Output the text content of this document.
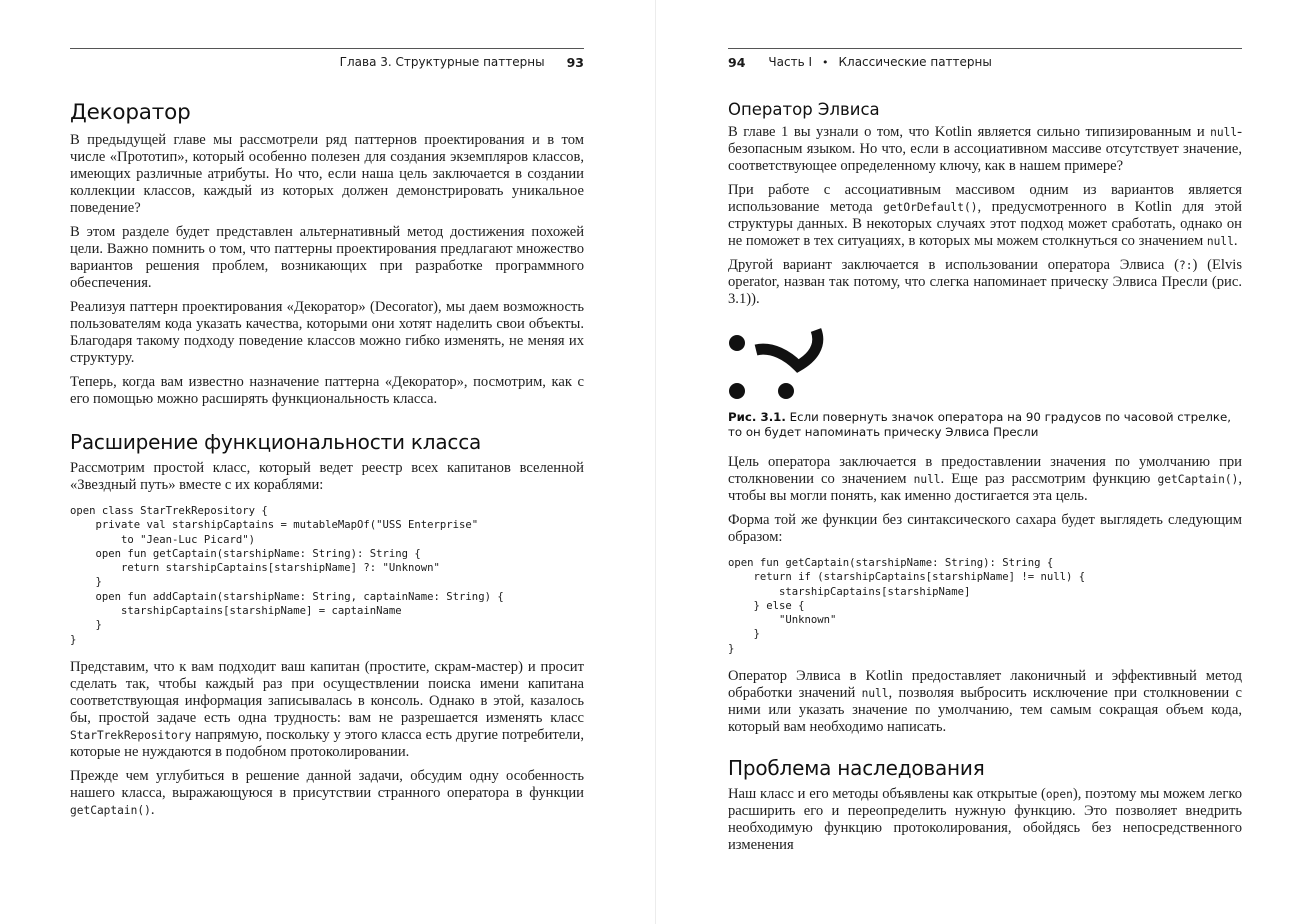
Глава 3. Структурные паттерны 93
Декоратор

В предыдущей главе мы рассмотрели ряд паттернов проектирования и в том числе «Прототип», который особенно полезен для создания экземпляров классов, имеющих различные атрибуты. Но что, если наша цель заключается в создании коллекции классов, каждый из которых должен демонстрировать уникальное поведение?

В этом разделе будет представлен альтернативный метод достижения похожей цели. Важно помнить о том, что паттерны проектирования предлагают множество вариантов решения проблем, возникающих при разработке программного обеспечения.

Реализуя паттерн проектирования «Декоратор» (Decorator), мы даем возможность пользователям кода указать качества, которыми они хотят наделить свои объекты. Благодаря такому подходу поведение классов можно гибко изменять, не меняя их структуру.

Теперь, когда вам известно назначение паттерна «Декоратор», посмотрим, как с его помощью можно расширять функциональность класса.

Расширение функциональности класса

Рассмотрим простой класс, который ведет реестр всех капитанов вселенной «Звездный путь» вместе с их кораблями:

open class StarTrekRepository {
private val starshipCaptains = mutableMapOf("USS Enterprise"
to "Jean-Luc Picard")
open fun getCaptain(starshipName: String): String {
return starshipCaptains[starshipName] ?: "Unknown"
}
open fun addCaptain(starshipName: String, captainName: String) {
starshipCaptains[starshipName] = captainName
}
}

Представим, что к вам подходит ваш капитан (простите, скрам-мастер) и просит сделать так, чтобы каждый раз при осуществлении поиска имени капитана соответствующая информация записывалась в консоль. Однако в этой, казалось бы, простой задаче есть одна трудность: вам не разрешается изменять класс StarTrekRepository напрямую, поскольку у этого класса есть другие потребители, которые не нуждаются в подобном протоколировании.

Прежде чем углубиться в решение данной задачи, обсудим одну особенность нашего класса, выражающуюся в присутствии странного оператора в функции getCaptain().

94 Часть I • Классические паттерны
Оператор Элвиса

В главе 1 вы узнали о том, что Kotlin является сильно типизированным и null-безопасным языком. Но что, если в ассоциативном массиве отсутствует значение, соответствующее определенному ключу, как в нашем примере?

При работе с ассоциативным массивом одним из вариантов является использование метода getOrDefault(), предусмотренного в Kotlin для этой структуры данных. В некоторых случаях этот подход может сработать, однако он не поможет в тех ситуациях, в которых мы можем столкнуться со значением null.

Другой вариант заключается в использовании оператора Элвиса (?:) (Elvis operator, назван так потому, что слегка напоминает прическу Элвиса Пресли (рис. 3.1)).

Рис. 3.1. Если повернуть значок оператора на 90 градусов по часовой стрелке, то он будет напоминать прическу Элвиса Пресли

Цель оператора заключается в предоставлении значения по умолчанию при столкновении со значением null. Еще раз рассмотрим функцию getCaptain(), чтобы вы могли понять, как именно достигается эта цель.

Форма той же функции без синтаксического сахара будет выглядеть следующим образом:

open fun getCaptain(starshipName: String): String {
return if (starshipCaptains[starshipName] != null) {
starshipCaptains[starshipName]
} else {
"Unknown"
}
}

Оператор Элвиса в Kotlin предоставляет лаконичный и эффективный метод обработки значений null, позволяя выбросить исключение при столкновении с ними или указать значение по умолчанию, тем самым сокращая объем кода, который вам необходимо написать.

Проблема наследования

Наш класс и его методы объявлены как открытые (open), поэтому мы можем легко расширить его и переопределить нужную функцию. Это позволяет внедрить необходимую функцию протоколирования, обойдясь без непосредственного изменения
